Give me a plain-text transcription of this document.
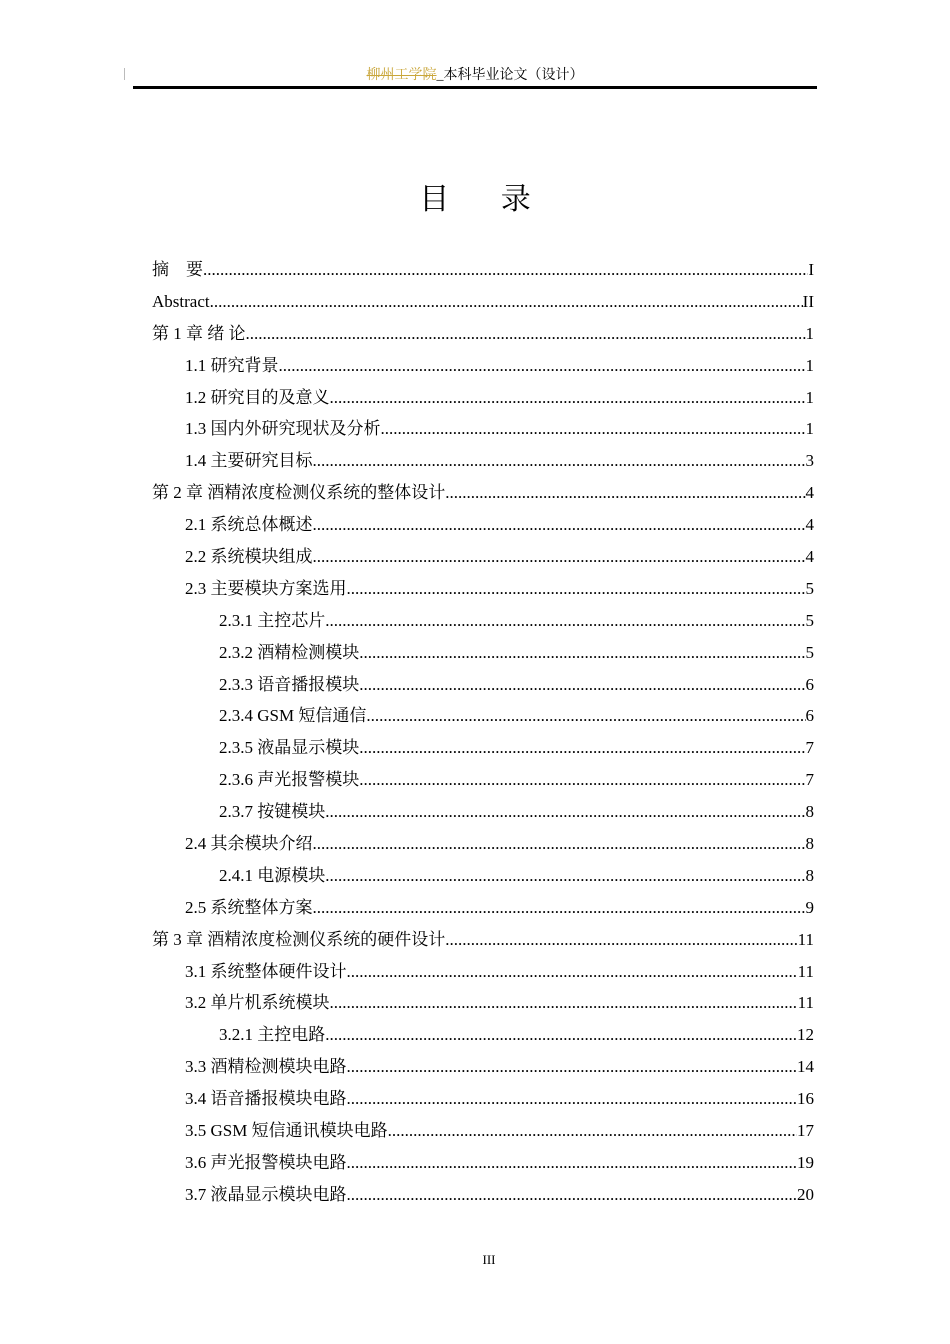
柳州工学院_本科毕业论文（设计）
目 录
摘　要 .....	I
Abstract .....	II
第 1 章 绪 论 .....	1
1.1 研究背景 .....	1
1.2 研究目的及意义 .....	1
1.3 国内外研究现状及分析 .....	1
1.4 主要研究目标 .....	3
第 2 章 酒精浓度检测仪系统的整体设计 .....	4
2.1 系统总体概述 .....	4
2.2 系统模块组成 .....	4
2.3 主要模块方案选用 .....	5
2.3.1 主控芯片 .....	5
2.3.2 酒精检测模块 .....	5
2.3.3 语音播报模块 .....	6
2.3.4 GSM 短信通信 .....	6
2.3.5 液晶显示模块 .....	7
2.3.6 声光报警模块 .....	7
2.3.7 按键模块 .....	8
2.4 其余模块介绍 .....	8
2.4.1 电源模块 .....	8
2.5 系统整体方案 .....	9
第 3 章 酒精浓度检测仪系统的硬件设计 .....	11
3.1 系统整体硬件设计 .....	11
3.2 单片机系统模块 .....	11
3.2.1 主控电路 .....	12
3.3 酒精检测模块电路 .....	14
3.4 语音播报模块电路 .....	16
3.5 GSM 短信通讯模块电路 .....	17
3.6 声光报警模块电路 .....	19
3.7 液晶显示模块电路 .....	20
III
